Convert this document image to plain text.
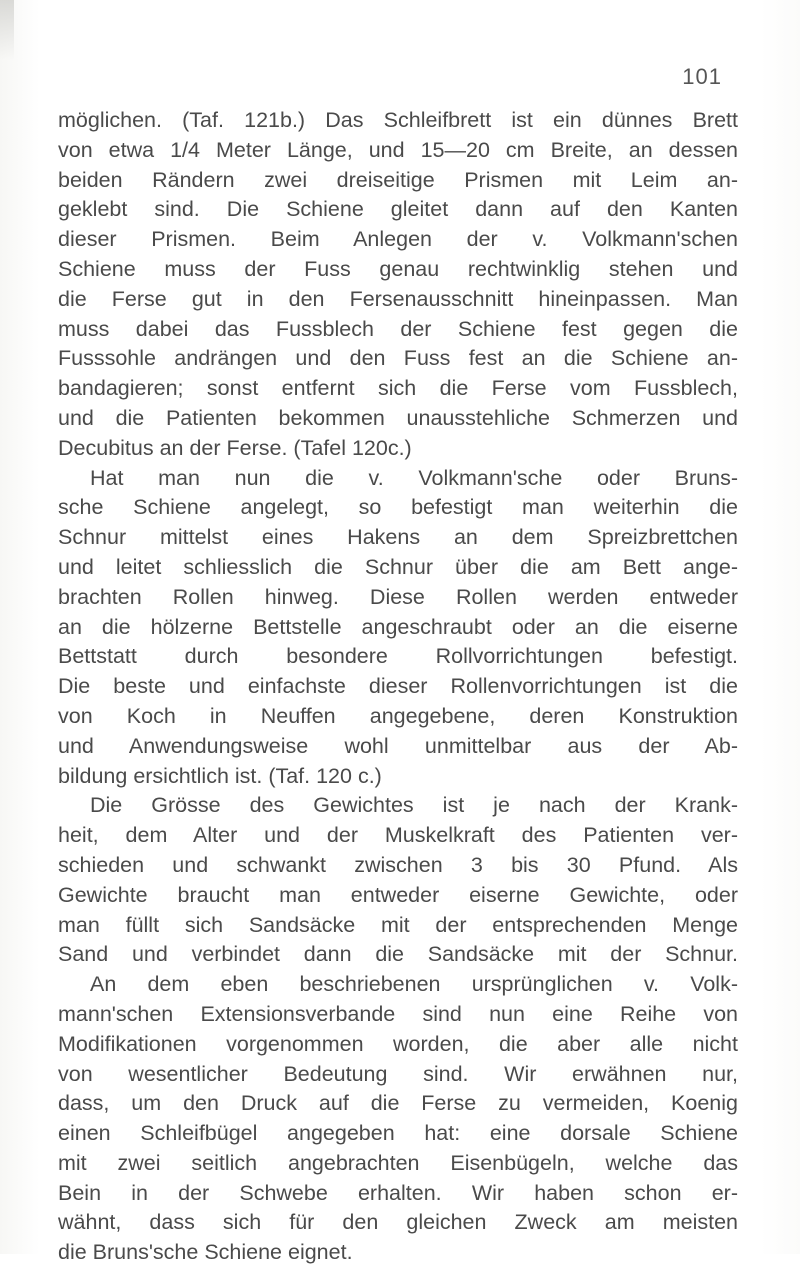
101
möglichen. (Taf. 121b.) Das Schleifbrett ist ein dünnes Brett
von etwa 1/4 Meter Länge, und 15—20 cm Breite, an dessen
beiden Rändern zwei dreiseitige Prismen mit Leim an-
geklebt sind. Die Schiene gleitet dann auf den Kanten
dieser Prismen. Beim Anlegen der v. Volkmann'schen
Schiene muss der Fuss genau rechtwinklig stehen und
die Ferse gut in den Fersenausschnitt hineinpassen. Man
muss dabei das Fussblech der Schiene fest gegen die
Fusssohle andrängen und den Fuss fest an die Schiene an-
bandagieren; sonst entfernt sich die Ferse vom Fussblech,
und die Patienten bekommen unausstehliche Schmerzen und
Decubitus an der Ferse. (Tafel 120c.)
Hat man nun die v. Volkmann'sche oder Bruns-
sche Schiene angelegt, so befestigt man weiterhin die
Schnur mittelst eines Hakens an dem Spreizbrettchen
und leitet schliesslich die Schnur über die am Bett ange-
brachten Rollen hinweg. Diese Rollen werden entweder
an die hölzerne Bettstelle angeschraubt oder an die eiserne
Bettstatt durch besondere Rollvorrichtungen befestigt.
Die beste und einfachste dieser Rollenvorrichtungen ist die
von Koch in Neuffen angegebene, deren Konstruktion
und Anwendungsweise wohl unmittelbar aus der Ab-
bildung ersichtlich ist. (Taf. 120 c.)
Die Grösse des Gewichtes ist je nach der Krank-
heit, dem Alter und der Muskelkraft des Patienten ver-
schieden und schwankt zwischen 3 bis 30 Pfund. Als
Gewichte braucht man entweder eiserne Gewichte, oder
man füllt sich Sandsäcke mit der entsprechenden Menge
Sand und verbindet dann die Sandsäcke mit der Schnur.
An dem eben beschriebenen ursprünglichen v. Volk-
mann'schen Extensionsverbande sind nun eine Reihe von
Modifikationen vorgenommen worden, die aber alle nicht
von wesentlicher Bedeutung sind. Wir erwähnen nur,
dass, um den Druck auf die Ferse zu vermeiden, Koenig
einen Schleifbügel angegeben hat: eine dorsale Schiene
mit zwei seitlich angebrachten Eisenbügeln, welche das
Bein in der Schwebe erhalten. Wir haben schon er-
wähnt, dass sich für den gleichen Zweck am meisten
die Bruns'sche Schiene eignet.
